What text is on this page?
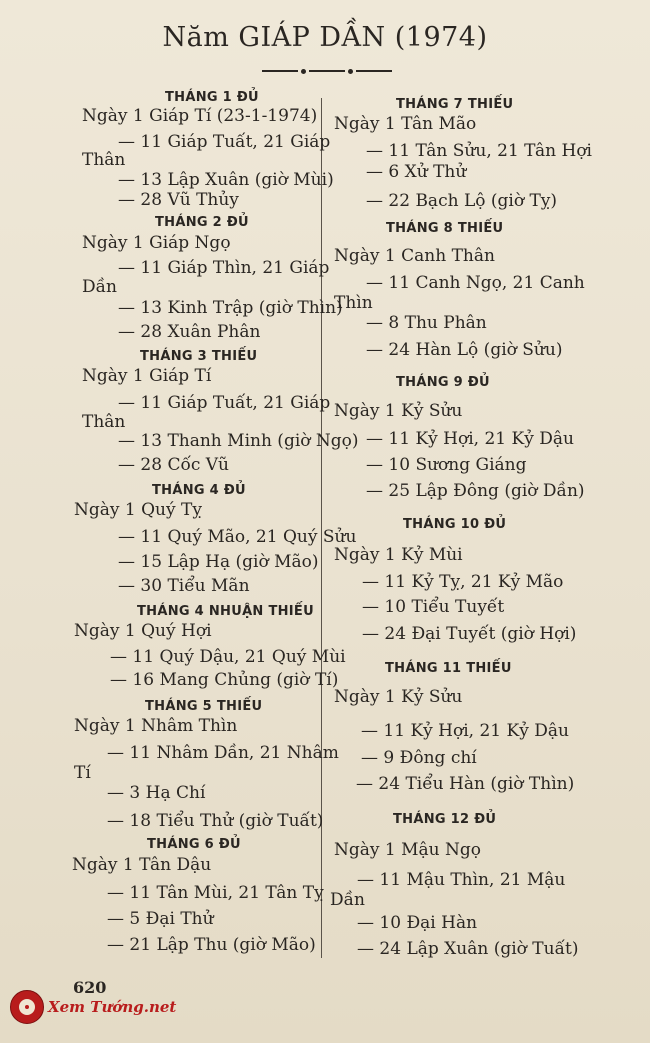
Năm GIÁP DẦN (1974)
THÁNG 1 ĐỦ
Ngày 1 Giáp Tí (23-1-1974)
— 11 Giáp Tuất, 21 Giáp
Thân
— 13 Lập Xuân (giờ Mùi)
— 28 Vũ Thủy
THÁNG 2 ĐỦ
Ngày 1 Giáp Ngọ
— 11 Giáp Thìn, 21 Giáp
Dần
— 13 Kinh Trập (giờ Thìn)
— 28 Xuân Phân
THÁNG 3 THIẾU
Ngày 1 Giáp Tí
— 11 Giáp Tuất, 21 Giáp
Thân
— 13 Thanh Minh (giờ Ngọ)
— 28 Cốc Vũ
THÁNG 4 ĐỦ
Ngày 1 Quý Tỵ
— 11 Quý Mão, 21 Quý Sửu
— 15 Lập Hạ (giờ Mão)
— 30 Tiểu Mãn
THÁNG 4 NHUẬN THIẾU
Ngày 1 Quý Hợi
— 11 Quý Dậu, 21 Quý Mùi
— 16 Mang Chủng (giờ Tí)
THÁNG 5 THIẾU
Ngày 1 Nhâm Thìn
— 11 Nhâm Dần, 21 Nhâm
Tí
— 3 Hạ Chí
— 18 Tiểu Thử (giờ Tuất)
THÁNG 6 ĐỦ
Ngày 1 Tân Dậu
— 11 Tân Mùi, 21 Tân Tỵ
— 5 Đại Thử
— 21 Lập Thu (giờ Mão)
THÁNG 7 THIẾU
Ngày 1 Tân Mão
— 11 Tân Sửu, 21 Tân Hợi
— 6 Xử Thử
— 22 Bạch Lộ (giờ Tỵ)
THÁNG 8 THIẾU
Ngày 1 Canh Thân
— 11 Canh Ngọ, 21 Canh
Thìn
— 8 Thu Phân
— 24 Hàn Lộ (giờ Sửu)
THÁNG 9 ĐỦ
Ngày 1 Kỷ Sửu
— 11 Kỷ Hợi, 21 Kỷ Dậu
— 10 Sương Giáng
— 25 Lập Đông (giờ Dần)
THÁNG 10 ĐỦ
Ngày 1 Kỷ Mùi
— 11 Kỷ Tỵ, 21 Kỷ Mão
— 10 Tiểu Tuyết
— 24 Đại Tuyết (giờ Hợi)
THÁNG 11 THIẾU
Ngày 1 Kỷ Sửu
— 11 Kỷ Hợi, 21 Kỷ Dậu
— 9 Đông chí
— 24 Tiểu Hàn (giờ Thìn)
THÁNG 12 ĐỦ
Ngày 1 Mậu Ngọ
— 11 Mậu Thìn, 21 Mậu
Dần
— 10 Đại Hàn
— 24 Lập Xuân (giờ Tuất)
620
Xem Tướng.net
